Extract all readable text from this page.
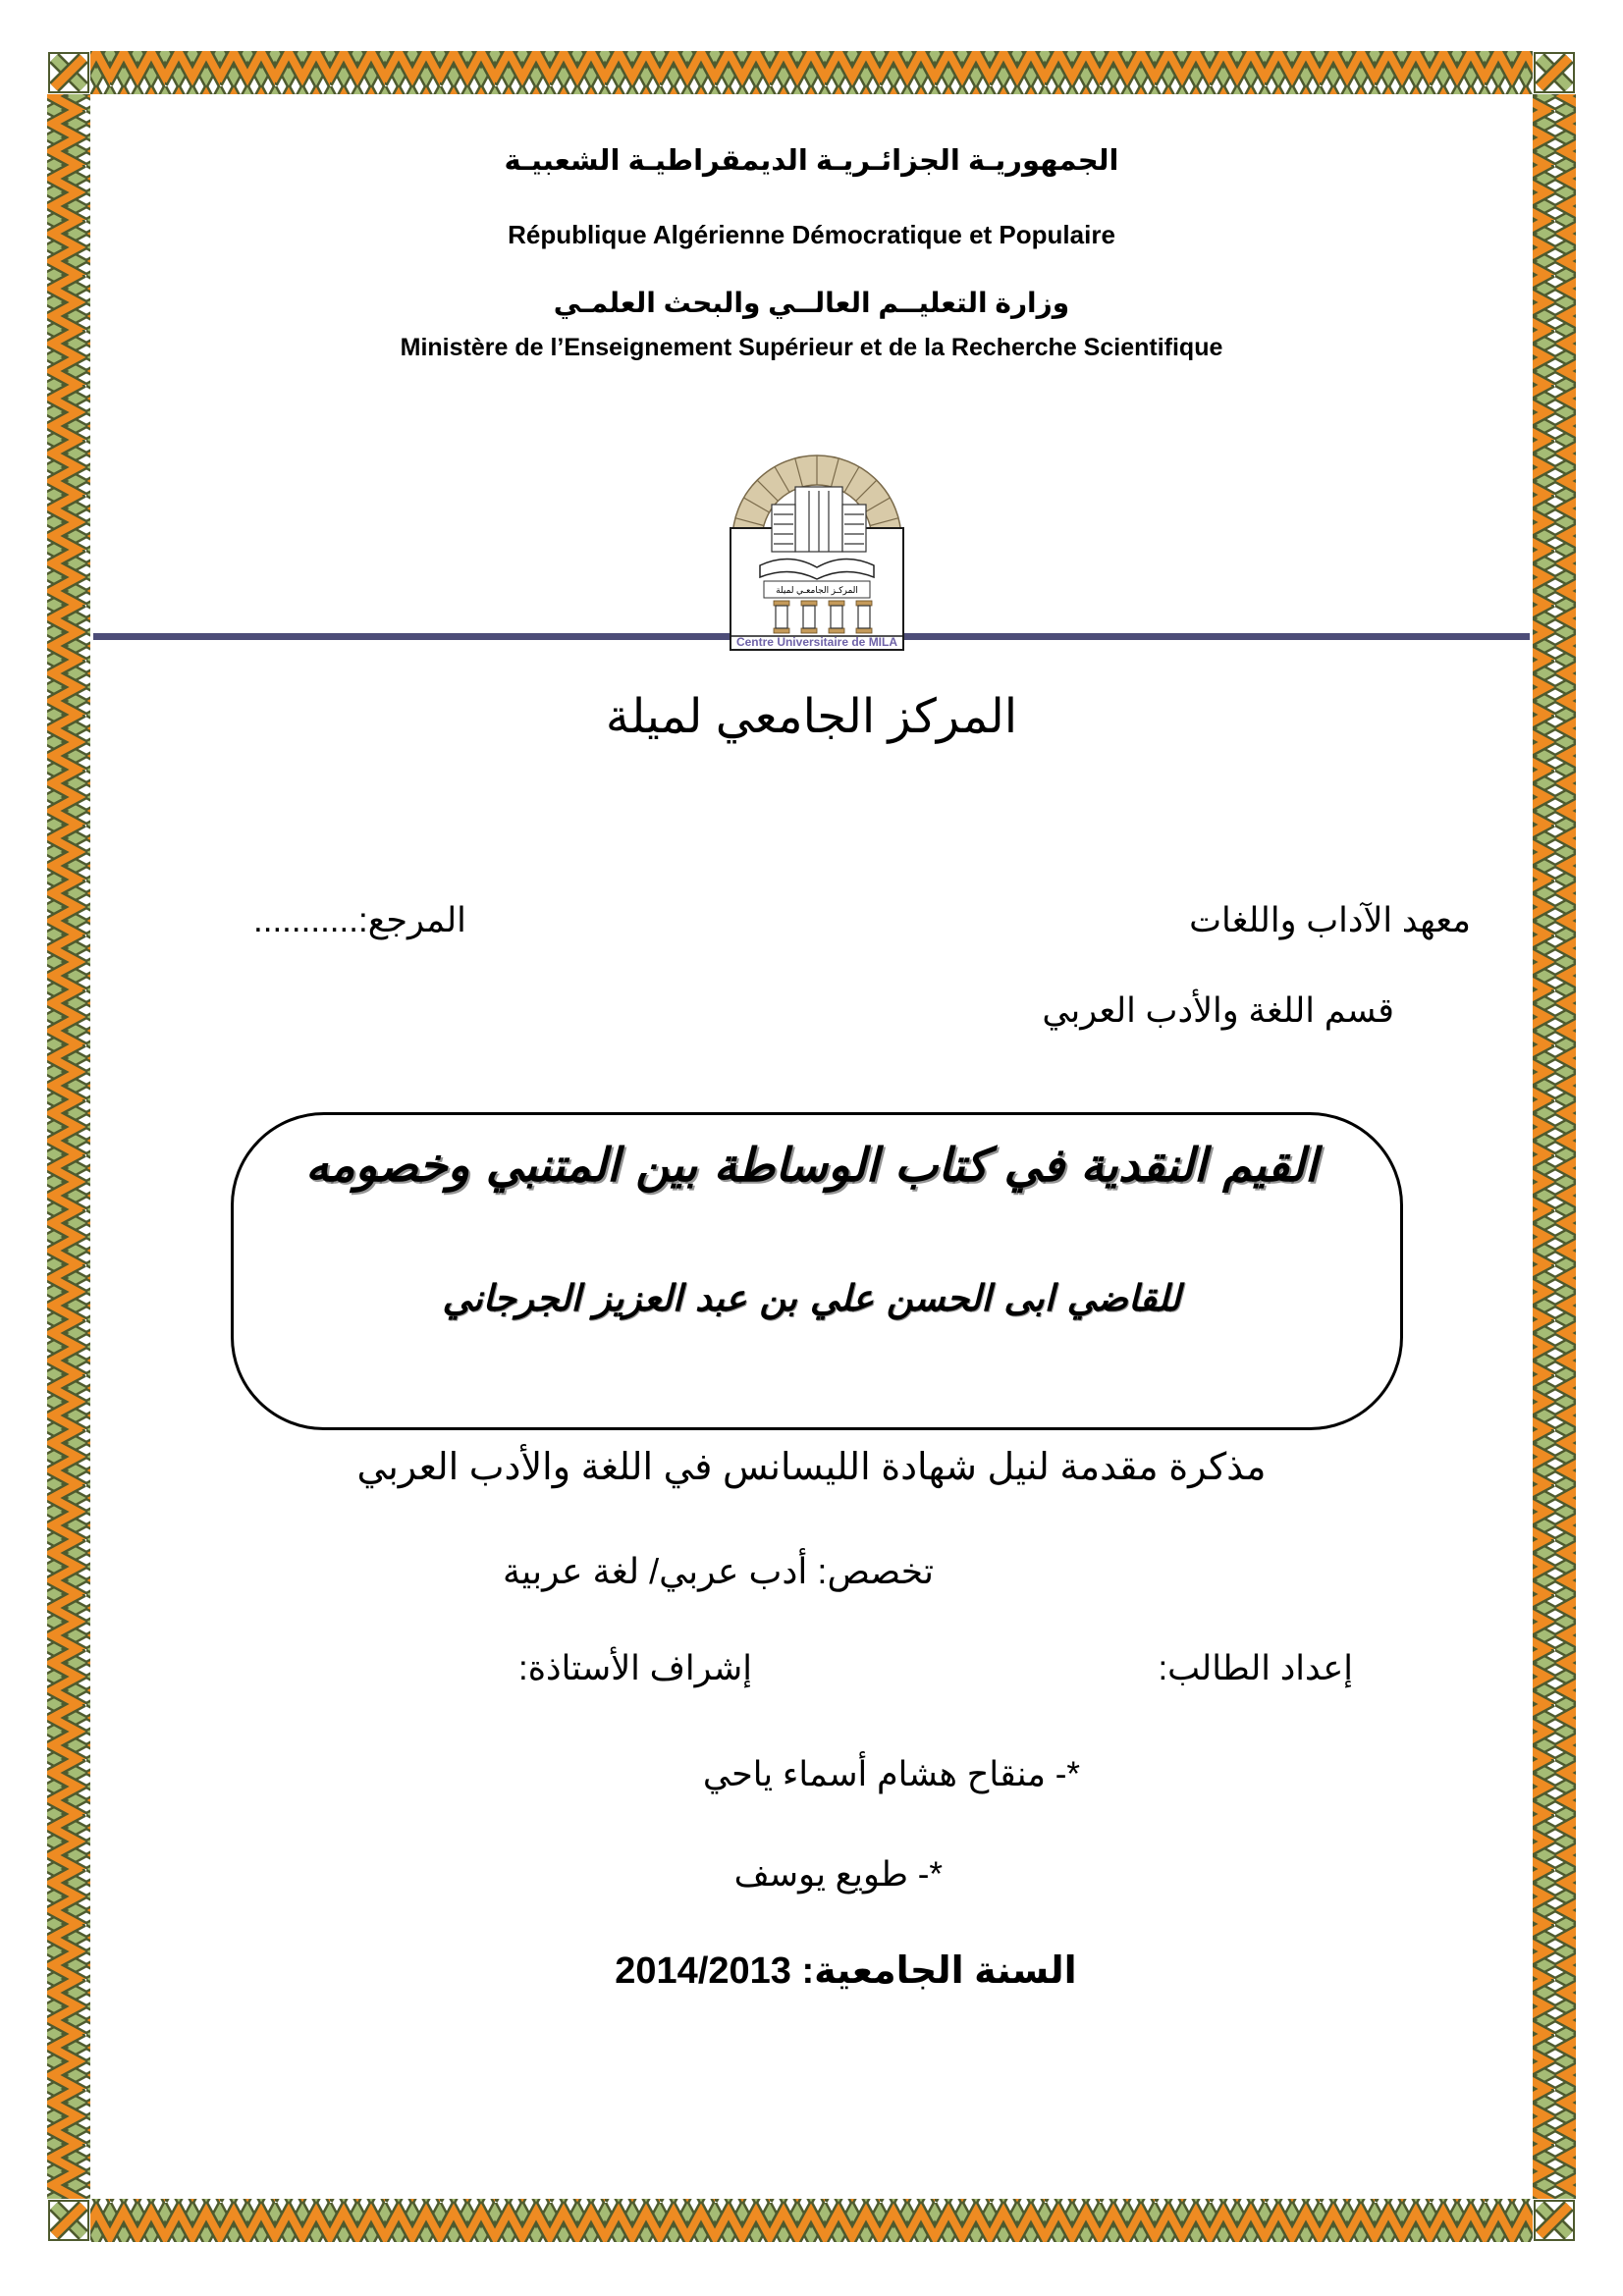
الجمهوريـة الجزائـريـة الديمقراطيـة الشعبيـة
République Algérienne Démocratique et Populaire
وزارة التعليــم العالــي والبحث العلمـي
Ministère de l’Enseignement Supérieur et de la Recherche Scientifique
المركـز الجامعـي لميلة
Centre Universitaire de MILA
المركز الجامعي لميلة
معهد الآداب واللغات
المرجع:...........
قسم اللغة والأدب العربي
القيم النقدية في كتاب الوساطة بين المتنبي وخصومه
للقاضي ابى الحسن علي بن عبد العزيز الجرجاني
مذكرة مقدمة لنيل شهادة الليسانس في اللغة والأدب العربي
تخصص: أدب عربي/ لغة عربية
إعداد الطالب:
إشراف الأستاذة:
*- منقاح هشام أسماء ياحي
*- طويع يوسف
السنة الجامعية: 2014/2013
